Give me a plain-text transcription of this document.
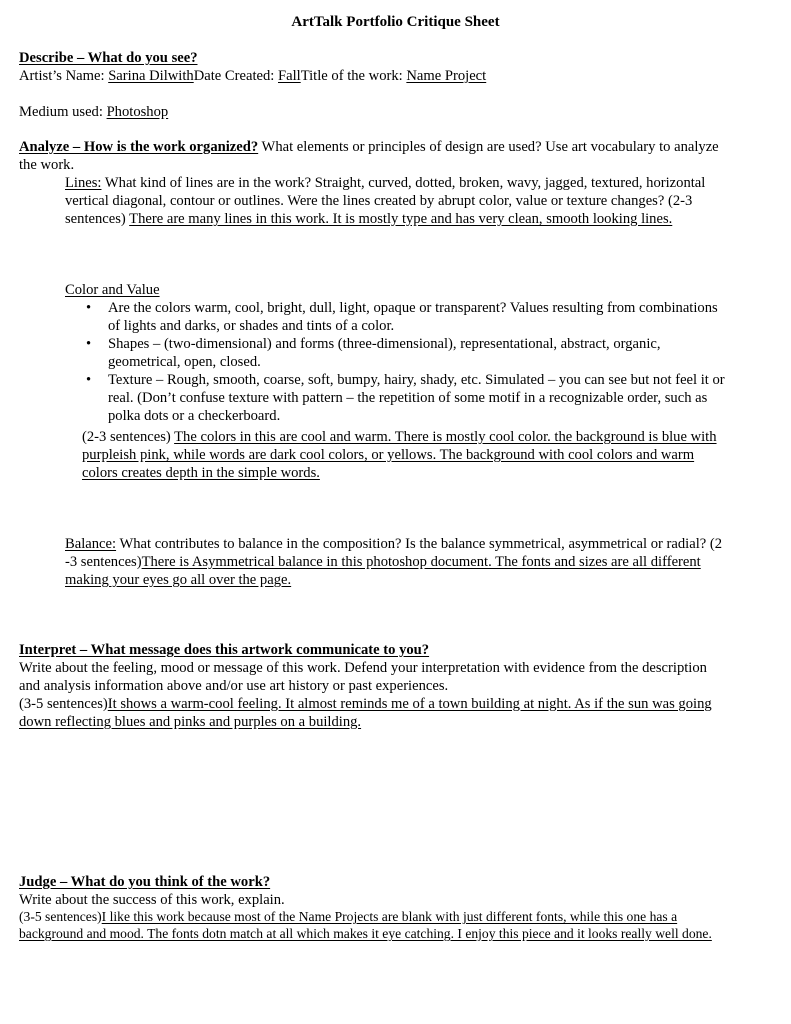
ArtTalk Portfolio Critique Sheet
Describe – What do you see?
Artist’s Name: Sarina DilwithDate Created: FallTitle of the work: Name Project
Medium used: Photoshop
Analyze – How is the work organized? What elements or principles of design are used? Use art vocabulary to analyze
the work.
Lines: What kind of lines are in the work? Straight, curved, dotted, broken, wavy, jagged, textured, horizontal
vertical diagonal, contour or outlines. Were the lines created by abrupt color, value or texture changes? (2-3
sentences) There are many lines in this work. It is mostly type and has very clean, smooth looking lines.
Color and Value
• Are the colors warm, cool, bright, dull, light, opaque or transparent? Values resulting from combinations
of lights and darks, or shades and tints of a color.
• Shapes – (two-dimensional) and forms (three-dimensional), representational, abstract, organic,
geometrical, open, closed.
• Texture – Rough, smooth, coarse, soft, bumpy, hairy, shady, etc. Simulated – you can see but not feel it or
real. (Don’t confuse texture with pattern – the repetition of some motif in a recognizable order, such as
polka dots or a checkerboard.
(2-3 sentences) The colors in this are cool and warm. There is mostly cool color. the background is blue with
purpleish pink, while words are dark cool colors, or yellows. The background with cool colors and warm
colors creates depth in the simple words.
Balance: What contributes to balance in the composition? Is the balance symmetrical, asymmetrical or radial? (2
-3 sentences)There is Asymmetrical balance in this photoshop document. The fonts and sizes are all different
making your eyes go all over the page.
Interpret – What message does this artwork communicate to you?
Write about the feeling, mood or message of this work. Defend your interpretation with evidence from the description
and analysis information above and/or use art history or past experiences.
(3-5 sentences)It shows a warm-cool feeling. It almost reminds me of a town building at night. As if the sun was going
down reflecting blues and pinks and purples on a building.
Judge – What do you think of the work?
Write about the success of this work, explain.
(3-5 sentences)I like this work because most of the Name Projects are blank with just different fonts, while this one has a
background and mood. The fonts dotn match at all which makes it eye catching. I enjoy this piece and it looks really well done.
